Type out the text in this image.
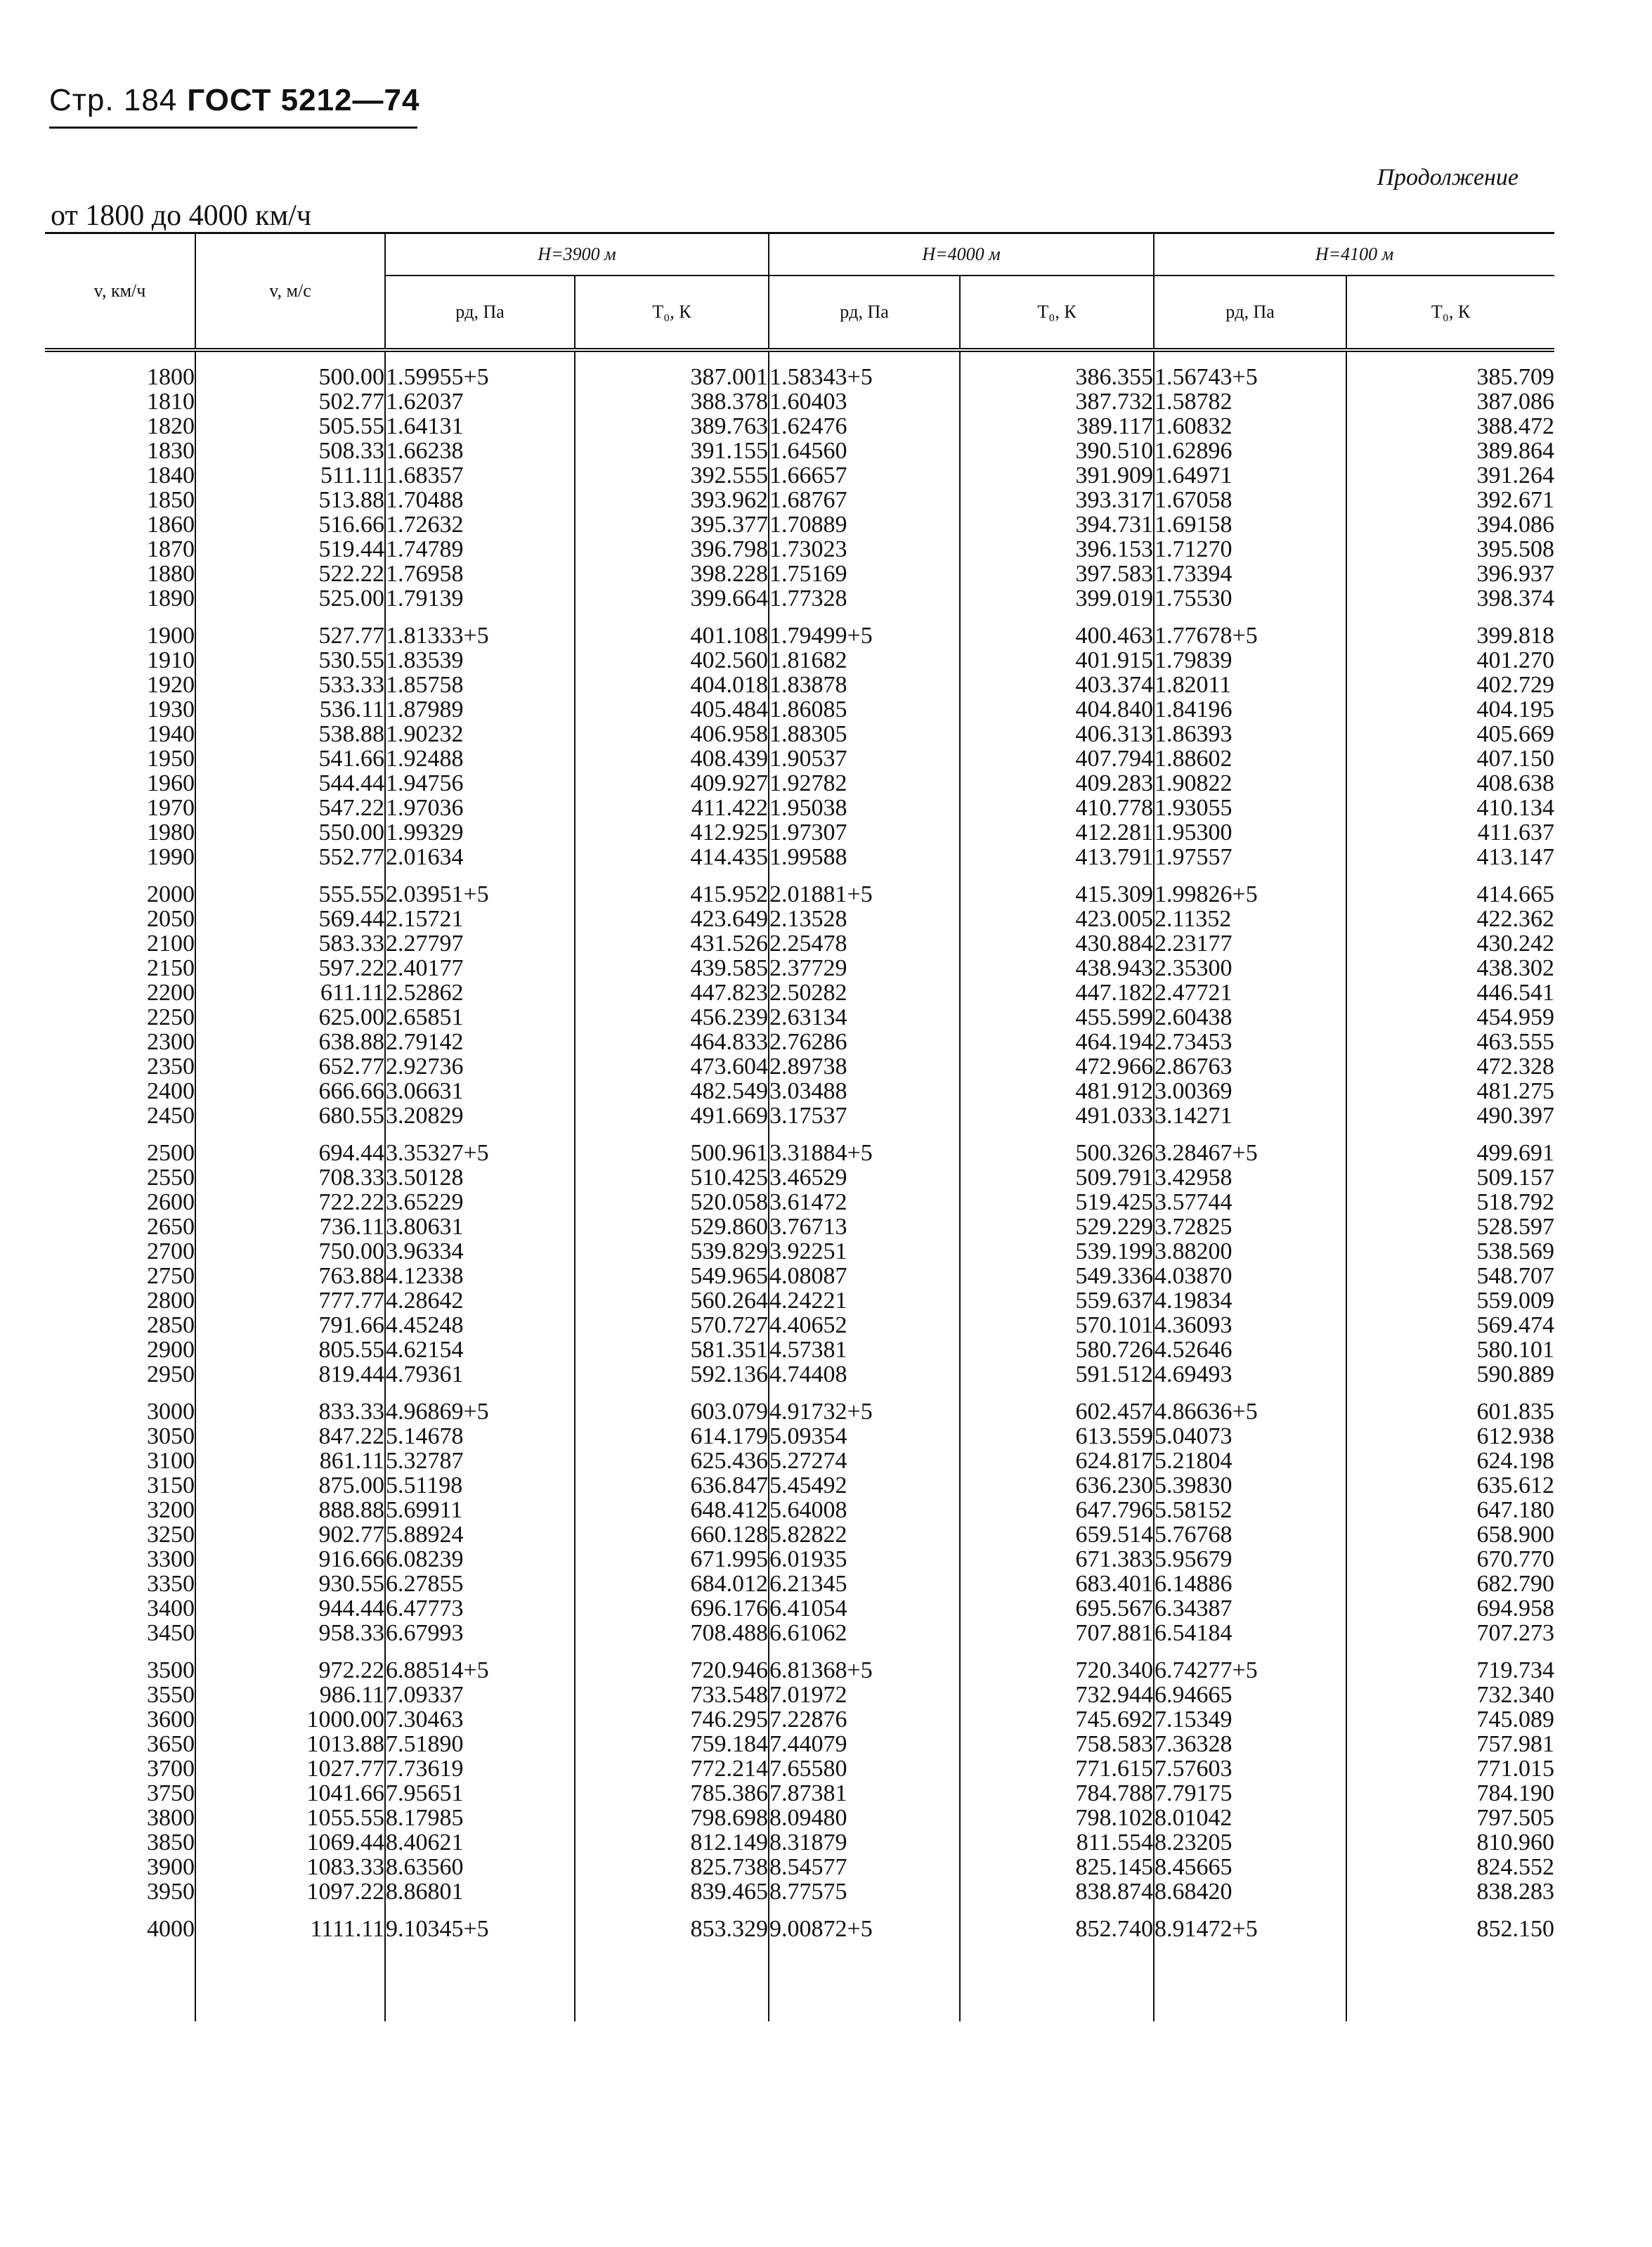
Стр. 184 ГОСТ 5212—74
Продолжение
от 1800 до 4000 км/ч
v, км/ч	v, м/с	H=3900 м		H=4000 м		H=4100 м	
		pд, Па	T₀, К	pд, Па	T₀, К	pд, Па	T₀, К

1800	500.00	1.59955+5	387.001	1.58343+5	386.355	1.56743+5	385.709
1810	502.77	1.62037	388.378	1.60403	387.732	1.58782	387.086
1820	505.55	1.64131	389.763	1.62476	389.117	1.60832	388.472
1830	508.33	1.66238	391.155	1.64560	390.510	1.62896	389.864
1840	511.11	1.68357	392.555	1.66657	391.909	1.64971	391.264
1850	513.88	1.70488	393.962	1.68767	393.317	1.67058	392.671
1860	516.66	1.72632	395.377	1.70889	394.731	1.69158	394.086
1870	519.44	1.74789	396.798	1.73023	396.153	1.71270	395.508
1880	522.22	1.76958	398.228	1.75169	397.583	1.73394	396.937
1890	525.00	1.79139	399.664	1.77328	399.019	1.75530	398.374

1900	527.77	1.81333+5	401.108	1.79499+5	400.463	1.77678+5	399.818
1910	530.55	1.83539	402.560	1.81682	401.915	1.79839	401.270
1920	533.33	1.85758	404.018	1.83878	403.374	1.82011	402.729
1930	536.11	1.87989	405.484	1.86085	404.840	1.84196	404.195
1940	538.88	1.90232	406.958	1.88305	406.313	1.86393	405.669
1950	541.66	1.92488	408.439	1.90537	407.794	1.88602	407.150
1960	544.44	1.94756	409.927	1.92782	409.283	1.90822	408.638
1970	547.22	1.97036	411.422	1.95038	410.778	1.93055	410.134
1980	550.00	1.99329	412.925	1.97307	412.281	1.95300	411.637
1990	552.77	2.01634	414.435	1.99588	413.791	1.97557	413.147

2000	555.55	2.03951+5	415.952	2.01881+5	415.309	1.99826+5	414.665
2050	569.44	2.15721	423.649	2.13528	423.005	2.11352	422.362
2100	583.33	2.27797	431.526	2.25478	430.884	2.23177	430.242
2150	597.22	2.40177	439.585	2.37729	438.943	2.35300	438.302
2200	611.11	2.52862	447.823	2.50282	447.182	2.47721	446.541
2250	625.00	2.65851	456.239	2.63134	455.599	2.60438	454.959
2300	638.88	2.79142	464.833	2.76286	464.194	2.73453	463.555
2350	652.77	2.92736	473.604	2.89738	472.966	2.86763	472.328
2400	666.66	3.06631	482.549	3.03488	481.912	3.00369	481.275
2450	680.55	3.20829	491.669	3.17537	491.033	3.14271	490.397

2500	694.44	3.35327+5	500.961	3.31884+5	500.326	3.28467+5	499.691
2550	708.33	3.50128	510.425	3.46529	509.791	3.42958	509.157
2600	722.22	3.65229	520.058	3.61472	519.425	3.57744	518.792
2650	736.11	3.80631	529.860	3.76713	529.229	3.72825	528.597
2700	750.00	3.96334	539.829	3.92251	539.199	3.88200	538.569
2750	763.88	4.12338	549.965	4.08087	549.336	4.03870	548.707
2800	777.77	4.28642	560.264	4.24221	559.637	4.19834	559.009
2850	791.66	4.45248	570.727	4.40652	570.101	4.36093	569.474
2900	805.55	4.62154	581.351	4.57381	580.726	4.52646	580.101
2950	819.44	4.79361	592.136	4.74408	591.512	4.69493	590.889

3000	833.33	4.96869+5	603.079	4.91732+5	602.457	4.86636+5	601.835
3050	847.22	5.14678	614.179	5.09354	613.559	5.04073	612.938
3100	861.11	5.32787	625.436	5.27274	624.817	5.21804	624.198
3150	875.00	5.51198	636.847	5.45492	636.230	5.39830	635.612
3200	888.88	5.69911	648.412	5.64008	647.796	5.58152	647.180
3250	902.77	5.88924	660.128	5.82822	659.514	5.76768	658.900
3300	916.66	6.08239	671.995	6.01935	671.383	5.95679	670.770
3350	930.55	6.27855	684.012	6.21345	683.401	6.14886	682.790
3400	944.44	6.47773	696.176	6.41054	695.567	6.34387	694.958
3450	958.33	6.67993	708.488	6.61062	707.881	6.54184	707.273

3500	972.22	6.88514+5	720.946	6.81368+5	720.340	6.74277+5	719.734
3550	986.11	7.09337	733.548	7.01972	732.944	6.94665	732.340
3600	1000.00	7.30463	746.295	7.22876	745.692	7.15349	745.089
3650	1013.88	7.51890	759.184	7.44079	758.583	7.36328	757.981
3700	1027.77	7.73619	772.214	7.65580	771.615	7.57603	771.015
3750	1041.66	7.95651	785.386	7.87381	784.788	7.79175	784.190
3800	1055.55	8.17985	798.698	8.09480	798.102	8.01042	797.505
3850	1069.44	8.40621	812.149	8.31879	811.554	8.23205	810.960
3900	1083.33	8.63560	825.738	8.54577	825.145	8.45665	824.552
3950	1097.22	8.86801	839.465	8.77575	838.874	8.68420	838.283

4000	1111.11	9.10345+5	853.329	9.00872+5	852.740	8.91472+5	852.150
